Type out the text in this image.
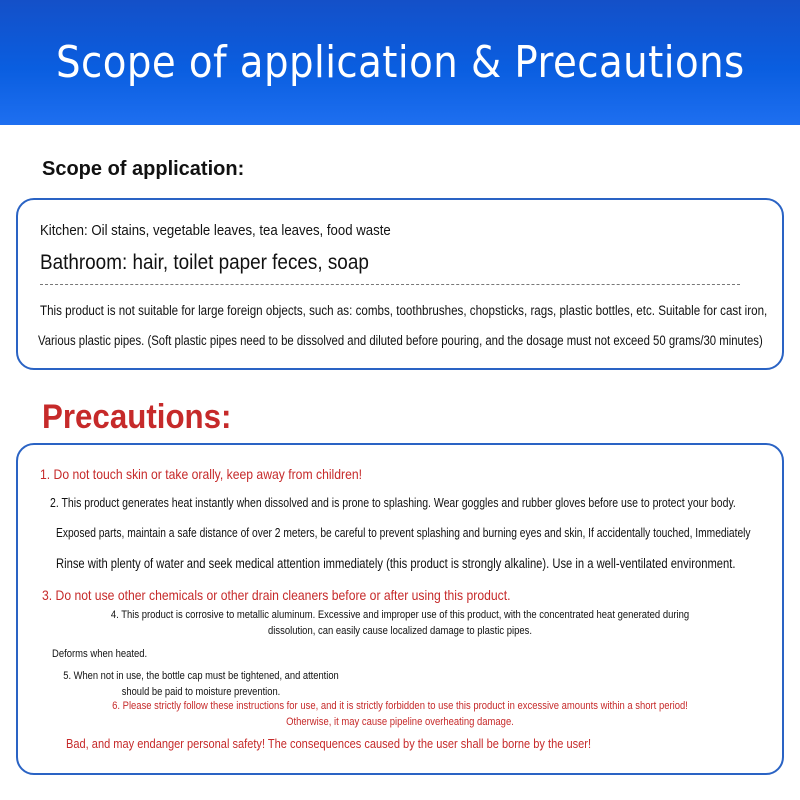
Scope of application & Precautions
Scope of application:

Kitchen: Oil stains, vegetable leaves, tea leaves, food waste

Bathroom: hair, toilet paper feces, soap

This product is not suitable for large foreign objects, such as: combs, toothbrushes, chopsticks, rags, plastic bottles, etc. Suitable for cast iron,

Various plastic pipes. (Soft plastic pipes need to be dissolved and diluted before pouring, and the dosage must not exceed 50 grams/30 minutes)

Precautions:

1. Do not touch skin or take orally, keep away from children!

2. This product generates heat instantly when dissolved and is prone to splashing. Wear goggles and rubber gloves before use to protect your body.

Exposed parts, maintain a safe distance of over 2 meters, be careful to prevent splashing and burning eyes and skin, If accidentally touched, Immediately

Rinse with plenty of water and seek medical attention immediately (this product is strongly alkaline). Use in a well-ventilated environment.

3. Do not use other chemicals or other drain cleaners before or after using this product.

4. This product is corrosive to metallic aluminum. Excessive and improper use of this product, with the concentrated heat generated during dissolution, can easily cause localized damage to plastic pipes.

Deforms when heated.

5. When not in use, the bottle cap must be tightened, and attention should be paid to moisture prevention.

6. Please strictly follow these instructions for use, and it is strictly forbidden to use this product in excessive amounts within a short period! Otherwise, it may cause pipeline overheating damage.

Bad, and may endanger personal safety! The consequences caused by the user shall be borne by the user!
